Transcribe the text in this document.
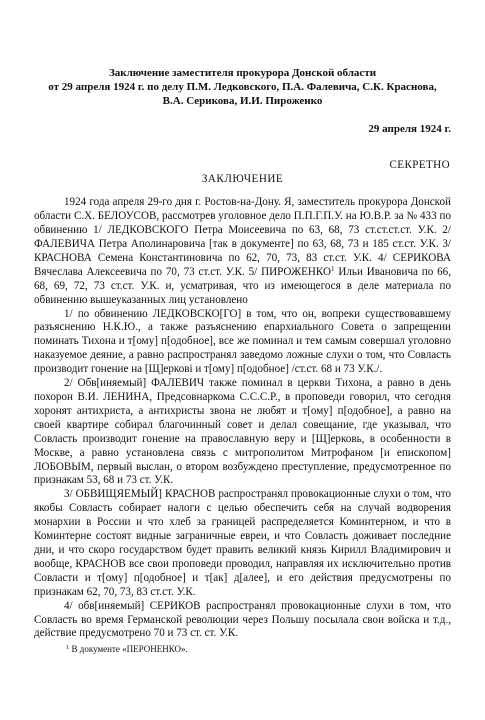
Заключение заместителя прокурора Донской области

от 29 апреля 1924 г. по делу П.М. Ледковского, П.А. Фалевича, С.К. Краснова,

В.А. Серикова, И.И. Пироженко

29 апреля 1924 г.
СЕКРЕТНО
ЗАКЛЮЧЕНИЕ

1924 года апреля 29-го дня г. Ростов-на-Дону. Я, заместитель прокурора Донской области С.Х. БЕЛОУСОВ, рассмотрев уголовное дело П.П.Г.П.У. на Ю.В.Р. за № 433 по обвинению 1/ ЛЕДКОВСКОГО Петра Моисеевича по 63, 68, 73 ст.ст.ст.ст. У.К. 2/ ФАЛЕВИЧА Петра Аполинаровича [так в документе] по 63, 68, 73 и 185 ст.ст. У.К. 3/ КРАСНОВА Семена Константиновича по 62, 70, 73, 83 ст.ст. У.К. 4/ СЕРИКОВА Вячеслава Алексеевича по 70, 73 ст.ст. У.К. 5/ ПИРОЖЕНКО$^1$ Ильи Ивановича по 66, 68, 69, 72, 73 ст.ст. У.К. и, усматривая, что из имеющегося в деле материала по обвинению вышеуказанных лиц установлено

1/ по обвинению ЛЕДКОВСКО[ГО] в том, что он, вопреки существовавшему разъяснению Н.К.Ю., а также разъяснению епархиального Совета о запрещении поминать Тихона и т[ому] п[одобное], все же поминал и тем самым совершал уголовно наказуемое деяние, а равно распространял заведомо ложные слухи о том, что Совласть производит гонение на [Щ]еркові и т[ому] п[одобное] /ст.ст. 68 и 73 У.К./.

2/ Обв[иняемый] ФАЛЕВИЧ также поминал в церкви Тихона, а равно в день похорон В.И. ЛЕНИНА, Предсовнаркома С.С.С.Р., в проповеди говорил, что сегодня хоронят антихриста, а антихристы звона не любят и т[ому] п[одобное], а равно на своей квартире собирал благочинный совет и делал совещание, где указывал, что Совласть производит гонение на православную веру и [Щ]ерковь, в особенности в Москве, а равно установлена связь с митрополитом Митрофаном [и епископом] ЛОБОВЫМ, первый выслан, о втором возбуждено преступление, предусмотренное по признакам 53, 68 и 73 ст. У.К.

3/ ОБВИЩЯЕМЫЙ] КРАСНОВ распространял провокационные слухи о том, что якобы Совласть собирает налоги с целью обеспечить себя на случай водворения монархии в России и что хлеб за границей распределяется Коминтерном, и что в Коминтерне состоят видные заграничные евреи, и что Совласть доживает последние дни, и что скоро государством будет править великий князь Кирилл Владимирович и вообще, КРАСНОВ все свои проповеди проводил, направляя их исключительно против Совласти и т[ому] п[одобное] и т[ак] д[алее], и его действия предусмотрены по признакам 62, 70, 73, 83 ст.ст. У.К.

4/ обв[иняемый] СЕРИКОВ распространял провокационные слухи в том, что Совласть во время Германской революции через Польшу посылала свои войска и т.д., действие предусмотрено 70 и 73 ст. ст. У.К.

$^1$ В документе «ПЕРОНЕНКО».
